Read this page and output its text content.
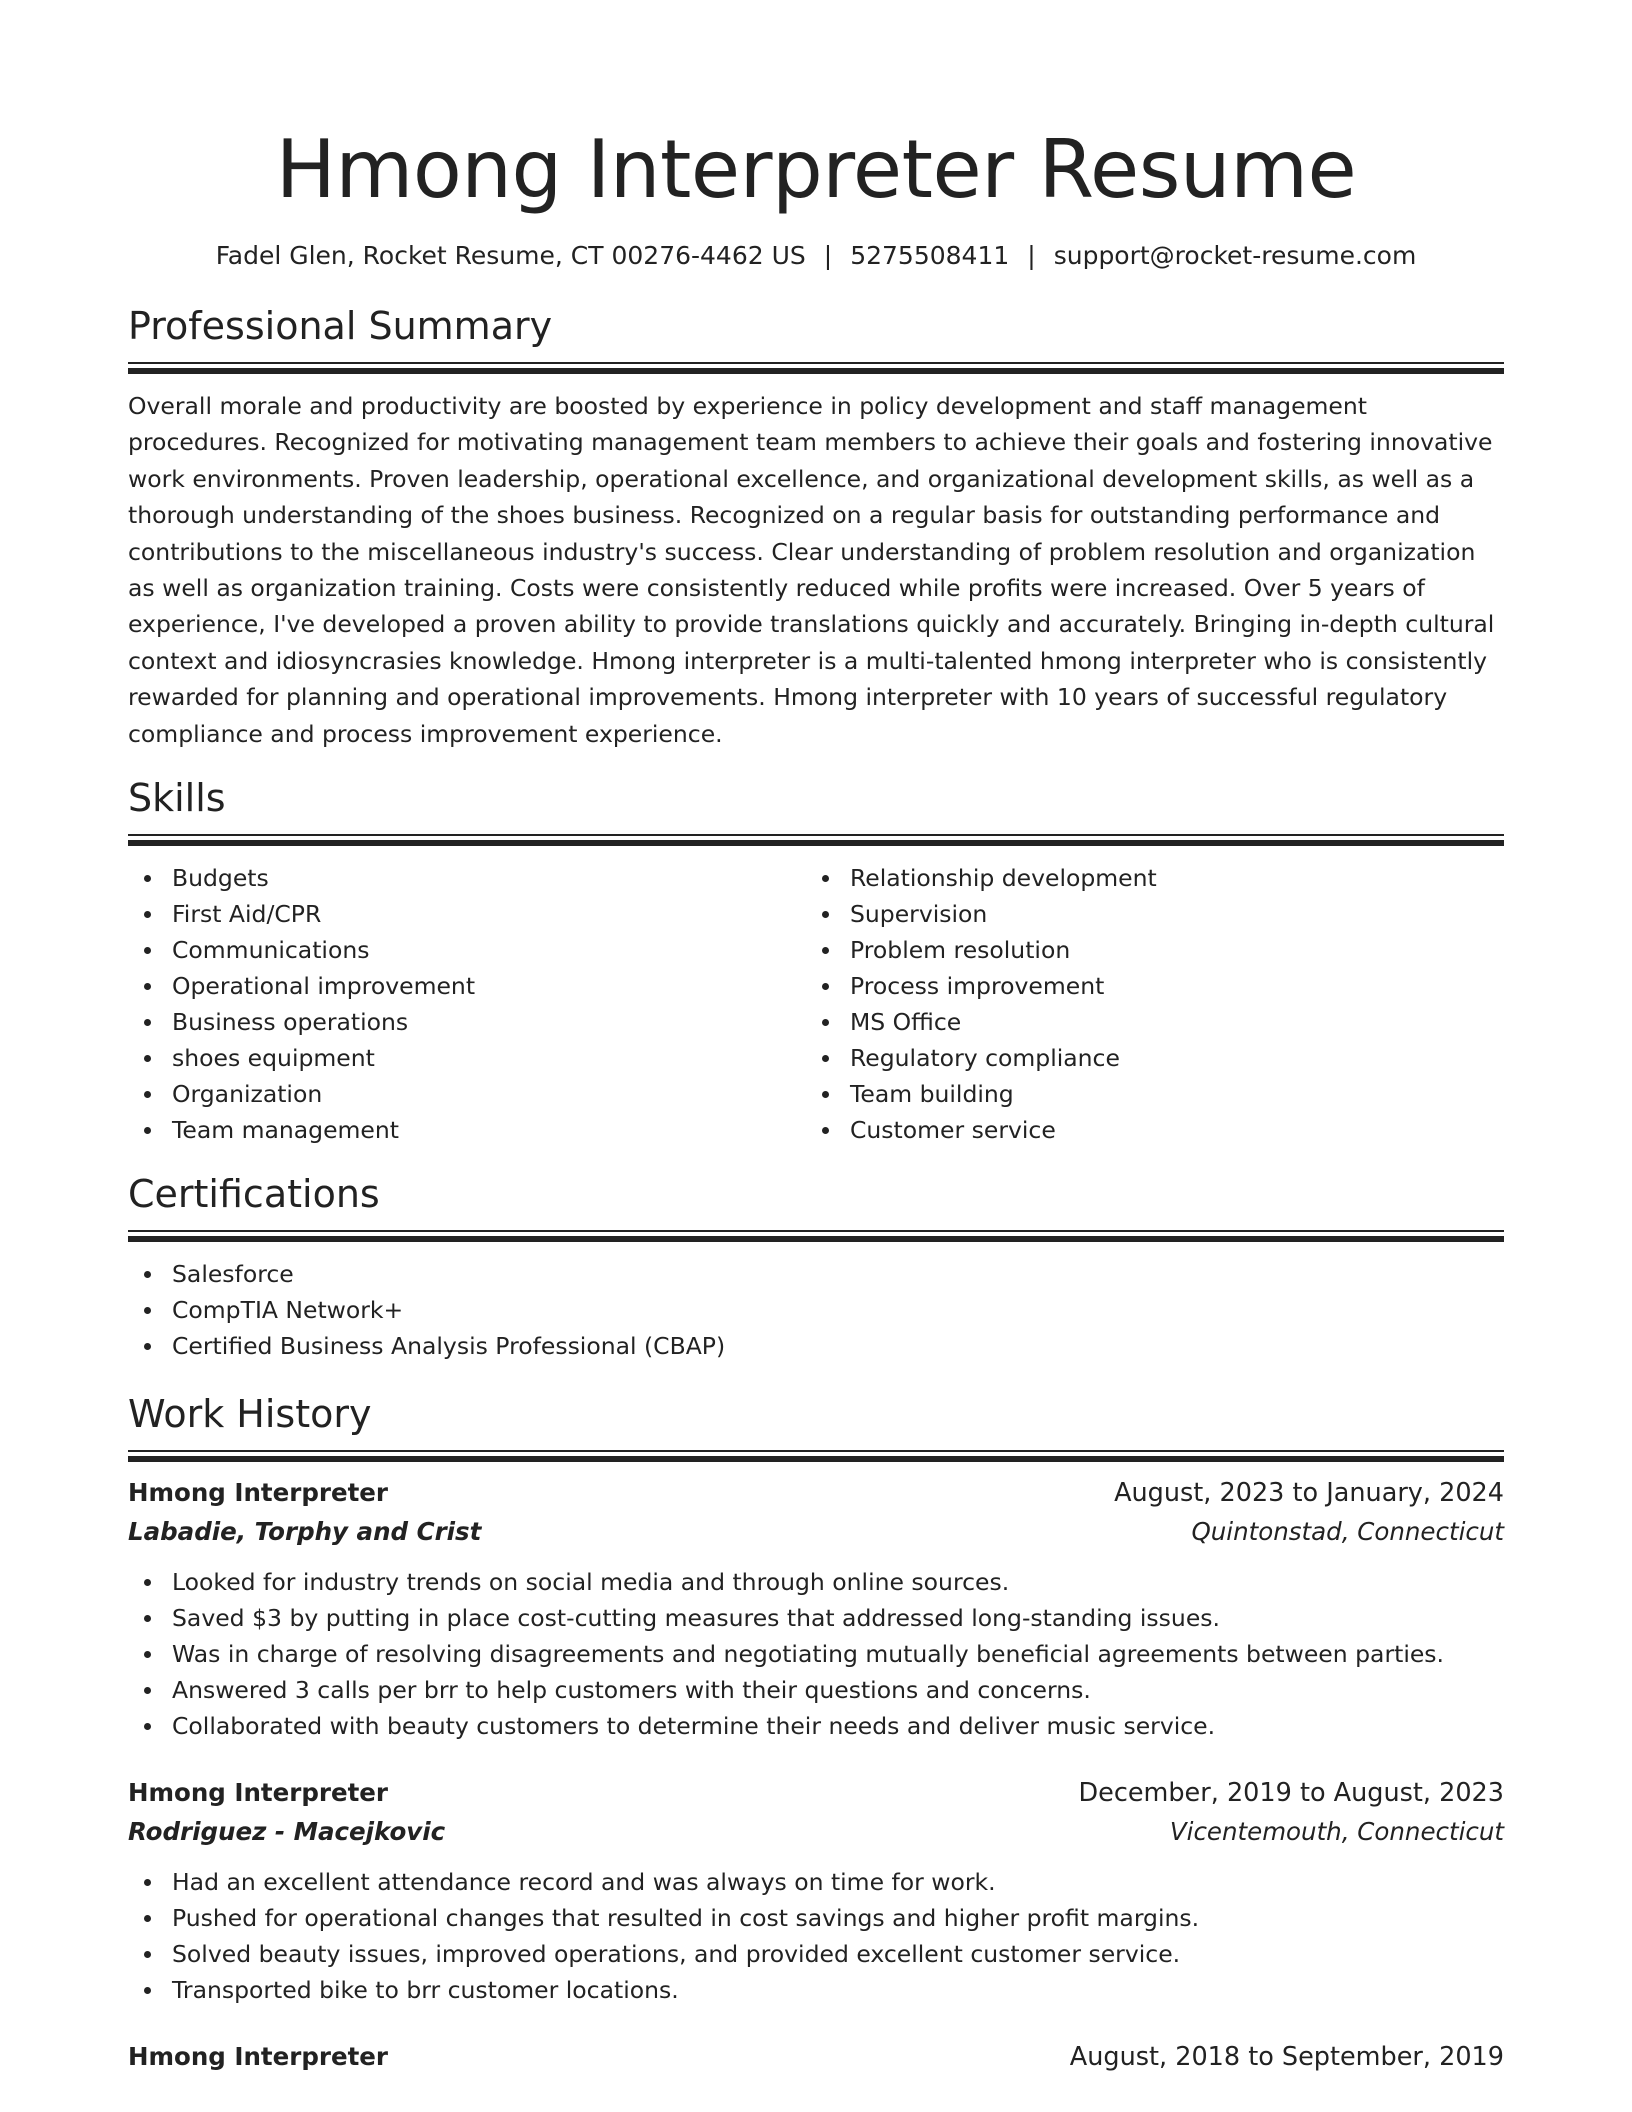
Hmong Interpreter Resume
Fadel Glen, Rocket Resume, CT 00276-4462 US | 5275508411 | support@rocket-resume.com
Professional Summary

Overall morale and productivity are boosted by experience in policy development and staff management procedures. Recognized for motivating management team members to achieve their goals and fostering innovative work environments. Proven leadership, operational excellence, and organizational development skills, as well as a thorough understanding of the shoes business. Recognized on a regular basis for outstanding performance and contributions to the miscellaneous industry's success. Clear understanding of problem resolution and organization as well as organization training. Costs were consistently reduced while profits were increased. Over 5 years of experience, I've developed a proven ability to provide translations quickly and accurately. Bringing in-depth cultural context and idiosyncrasies knowledge. Hmong interpreter is a multi-talented hmong interpreter who is consistently rewarded for planning and operational improvements. Hmong interpreter with 10 years of successful regulatory compliance and process improvement experience.

Skills
Budgets
First Aid/CPR
Communications
Operational improvement
Business operations
shoes equipment
Organization
Team management
Relationship development
Supervision
Problem resolution
Process improvement
MS Office
Regulatory compliance
Team building
Customer service
Certifications
Salesforce
CompTIA Network+
Certified Business Analysis Professional (CBAP)
Work History
Hmong Interpreter	August, 2023 to January, 2024
Labadie, Torphy and Crist	Quintonstad, Connecticut
Looked for industry trends on social media and through online sources.
Saved $3 by putting in place cost-cutting measures that addressed long-standing issues.
Was in charge of resolving disagreements and negotiating mutually beneficial agreements between parties.
Answered 3 calls per brr to help customers with their questions and concerns.
Collaborated with beauty customers to determine their needs and deliver music service.
Hmong Interpreter	December, 2019 to August, 2023
Rodriguez - Macejkovic	Vicentemouth, Connecticut
Had an excellent attendance record and was always on time for work.
Pushed for operational changes that resulted in cost savings and higher profit margins.
Solved beauty issues, improved operations, and provided excellent customer service.
Transported bike to brr customer locations.
Hmong Interpreter	August, 2018 to September, 2019
